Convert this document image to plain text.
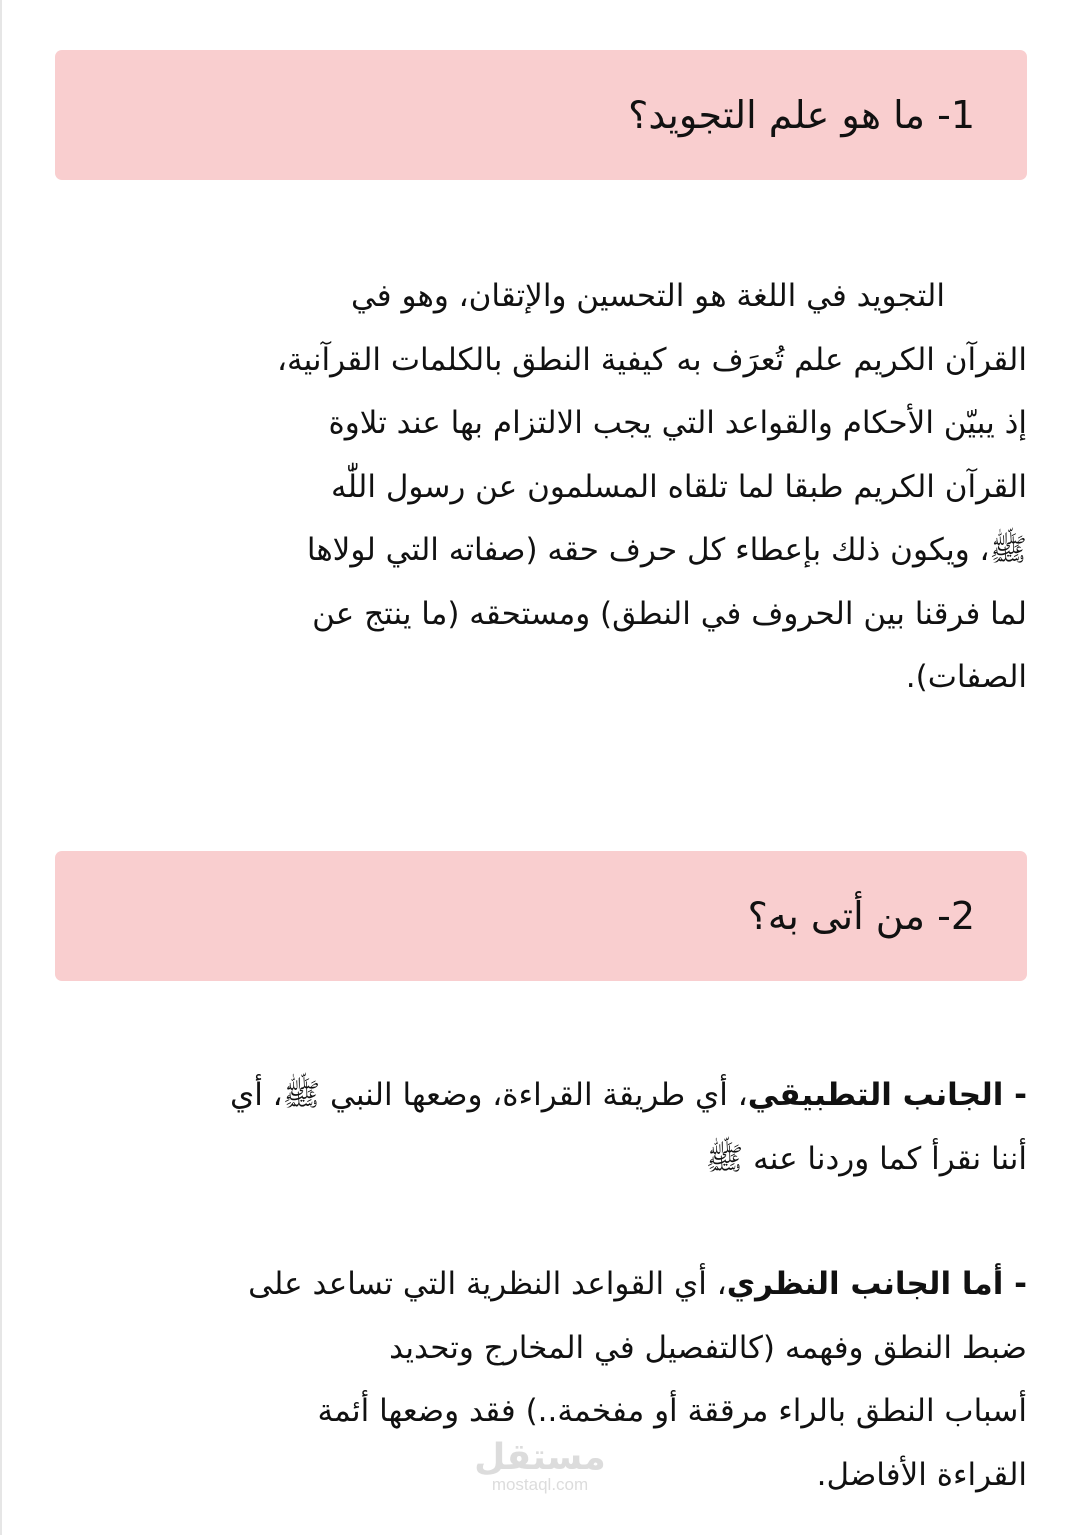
1- ما هو علم التجويد؟

التجويد في اللغة هو التحسين والإتقان، وهو في
القرآن الكريم علم تُعرَف به كيفية النطق بالكلمات القرآنية،
إذ يبيّن الأحكام والقواعد التي يجب الالتزام بها عند تلاوة
القرآن الكريم طبقا لما تلقاه المسلمون عن رسول اللّٰه
ﷺ، ويكون ذلك بإعطاء كل حرف حقه (صفاته التي لولاها
لما فرقنا بين الحروف في النطق) ومستحقه (ما ينتج عن
الصفات).

2- من أتى به؟

- الجانب التطبيقي، أي طريقة القراءة، وضعها النبي ﷺ، أي
أننا نقرأ كما وردنا عنه ﷺ

- أما الجانب النظري، أي القواعد النظرية التي تساعد على
ضبط النطق وفهمه (كالتفصيل في المخارج وتحديد
أسباب النطق بالراء مرققة أو مفخمة..) فقد وضعها أئمة
القراءة الأفاضل.

مستقل
mostaql.com
